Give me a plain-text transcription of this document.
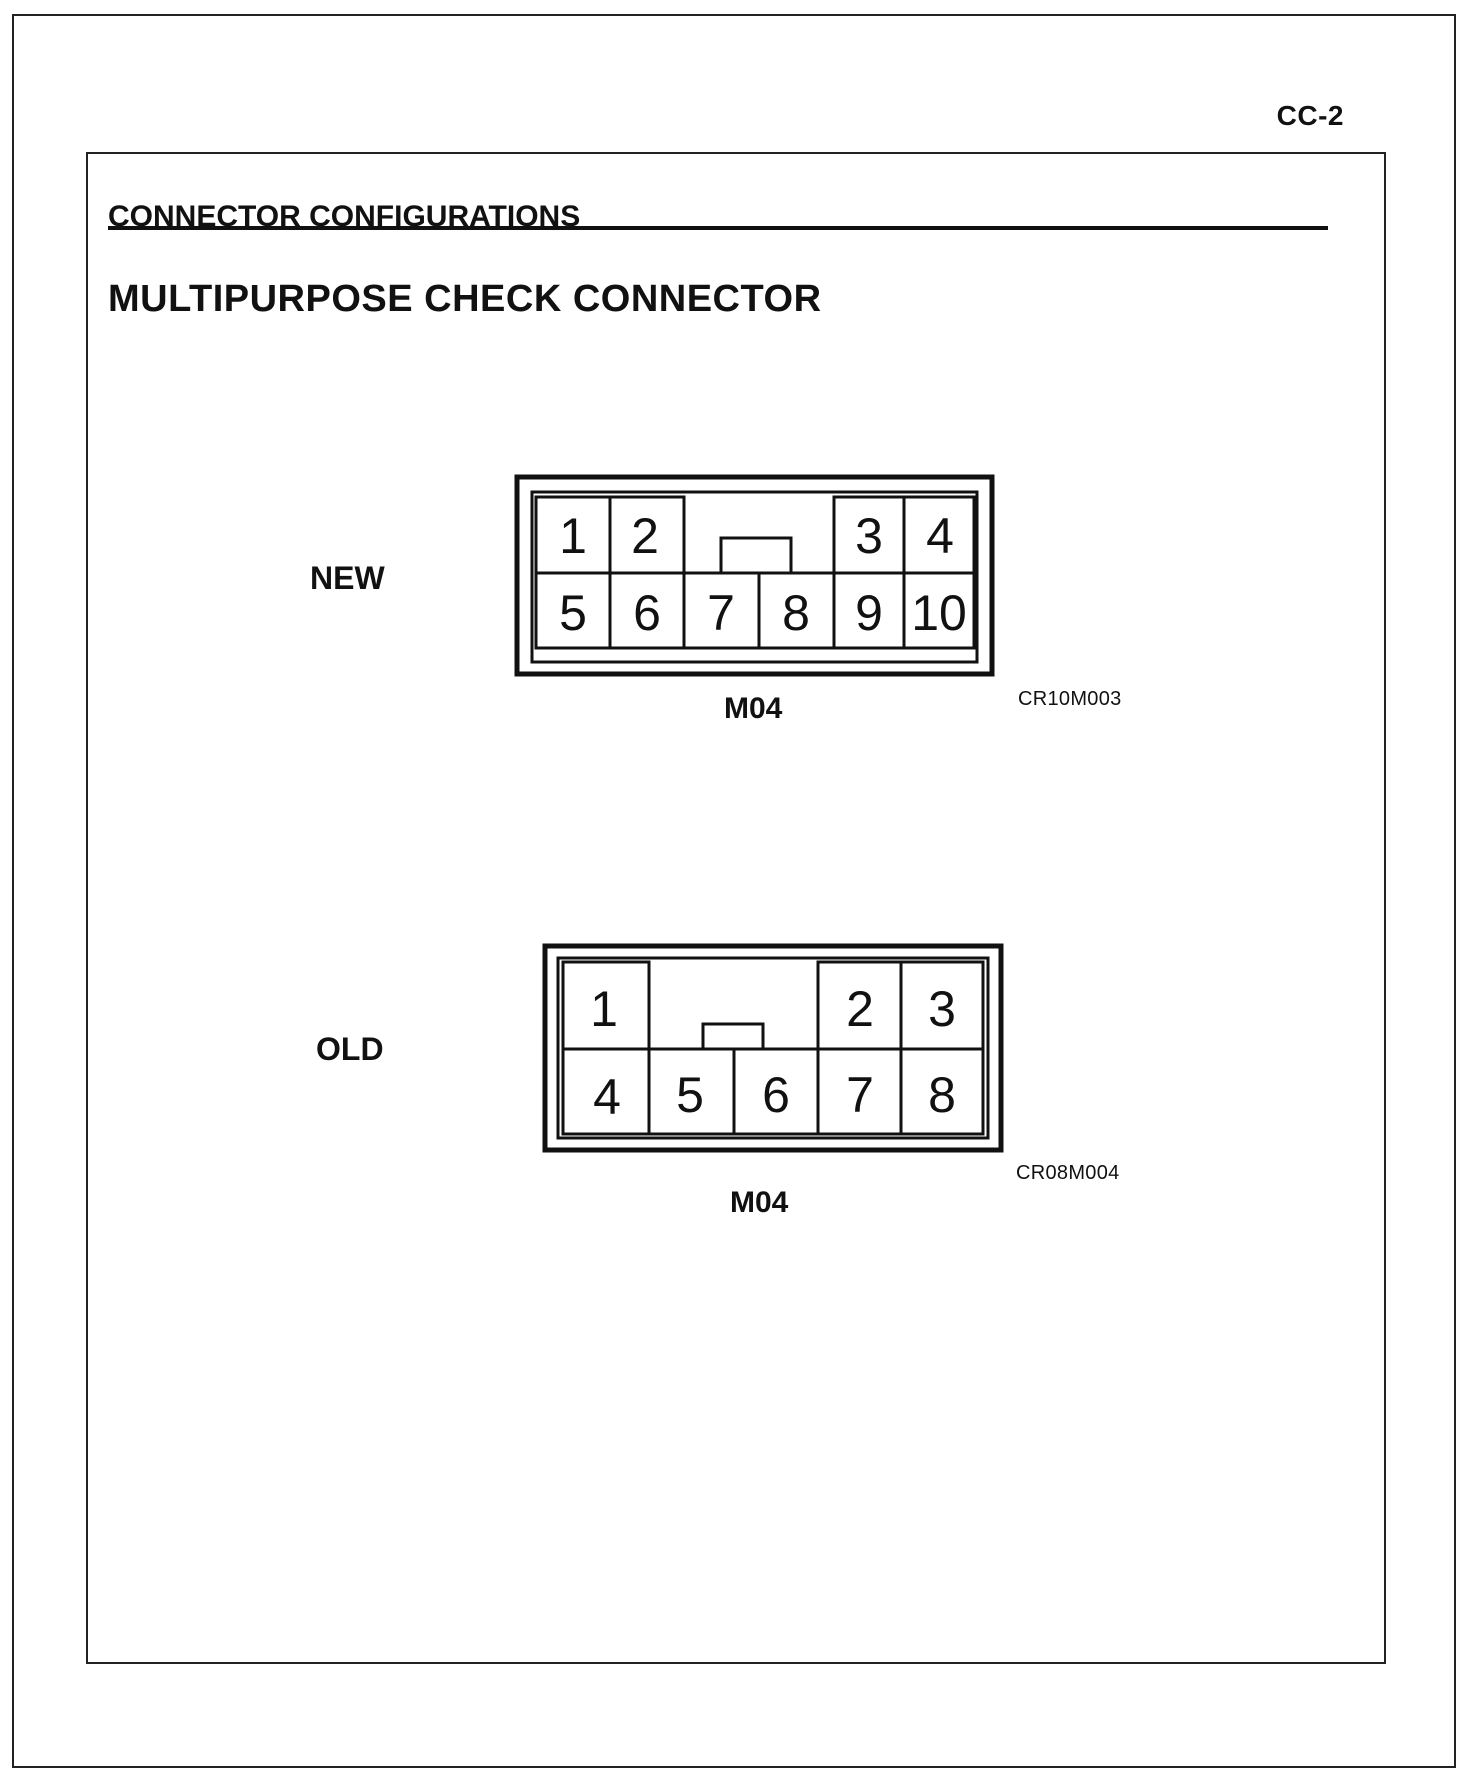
CC-2
CONNECTOR CONFIGURATIONS
MULTIPURPOSE CHECK CONNECTOR
NEW
M04	CR10M003
OLD
M04
CR08M004
1 2	3 4
5 6 7 8 9 10
1	2 3
4 5 6 7 8
